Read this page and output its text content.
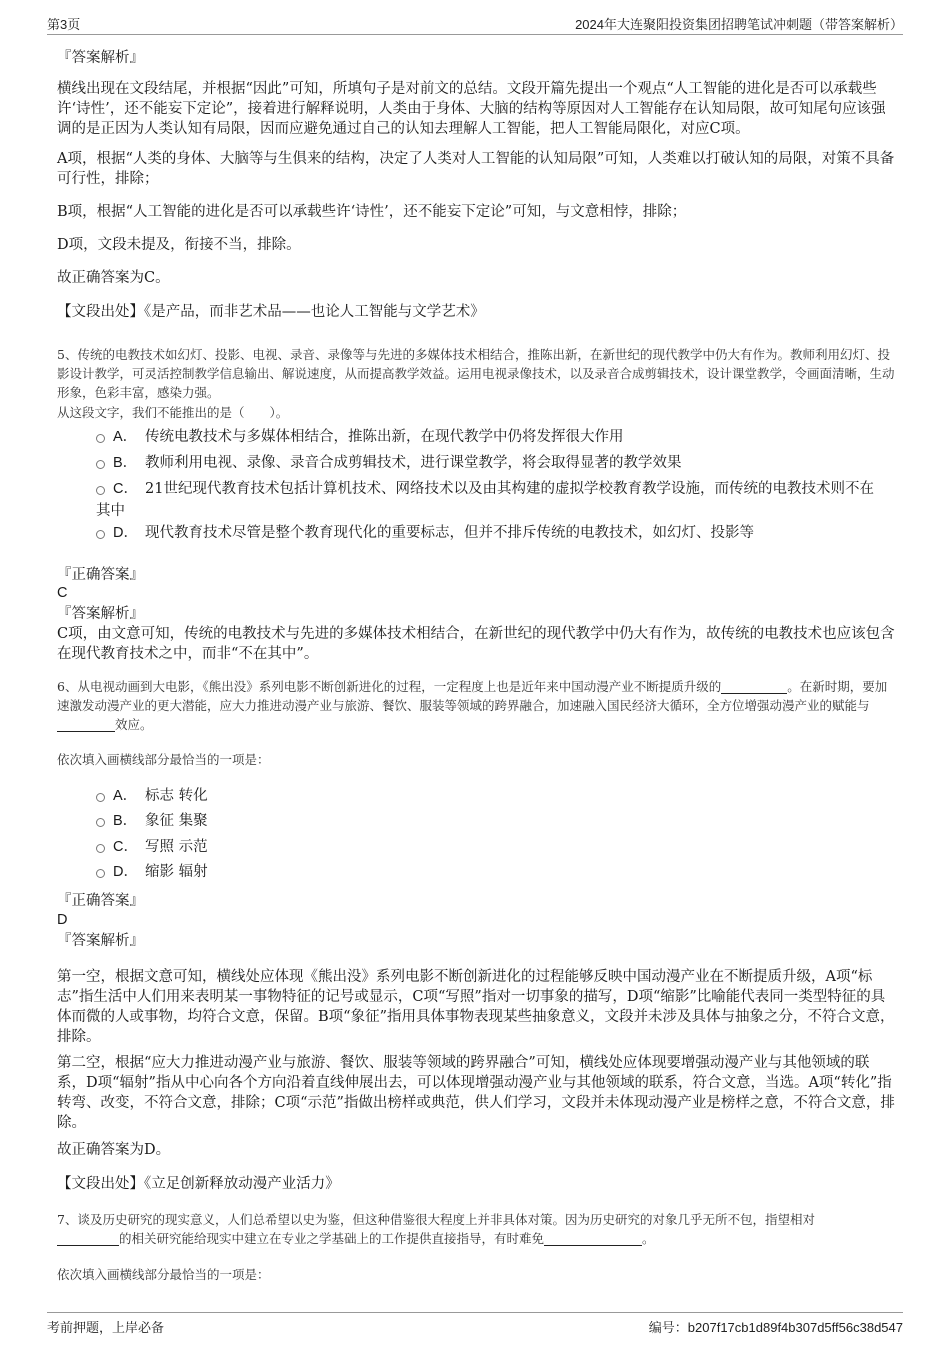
第3页	2024年大连聚阳投资集团招聘笔试冲刺题（带答案解析）
『答案解析』
横线出现在文段结尾，并根据“因此”可知，所填句子是对前文的总结。文段开篇先提出一个观点“人工智能的进化是否可以承载些许‘诗性’，还不能妄下定论”，接着进行解释说明，人类由于身体、大脑的结构等原因对人工智能存在认知局限，故可知尾句应该强调的是正因为人类认知有局限，因而应避免通过自己的认知去理解人工智能，把人工智能局限化，对应C项。
A项，根据“人类的身体、大脑等与生俱来的结构，决定了人类对人工智能的认知局限”可知，人类难以打破认知的局限，对策不具备可行性，排除；
B项，根据“人工智能的进化是否可以承载些许‘诗性’，还不能妄下定论”可知，与文意相悖，排除；
D项，文段未提及，衔接不当，排除。
故正确答案为C。
【文段出处】《是产品，而非艺术品——也论人工智能与文学艺术》
5、传统的电教技术如幻灯、投影、电视、录音、录像等与先进的多媒体技术相结合，推陈出新，在新世纪的现代教学中仍大有作为。教师利用幻灯、投影设计教学，可灵活控制教学信息输出、解说速度，从而提高教学效益。运用电视录像技术，以及录音合成剪辑技术，设计课堂教学，令画面清晰，生动形象，色彩丰富，感染力强。
从这段文字，我们不能推出的是（　　）。
A． 传统电教技术与多媒体相结合，推陈出新，在现代教学中仍将发挥很大作用
B． 教师利用电视、录像、录音合成剪辑技术，进行课堂教学，将会取得显著的教学效果
C． 21世纪现代教育技术包括计算机技术、网络技术以及由其构建的虚拟学校教育教学设施，而传统的电教技术则不在其中
D． 现代教育技术尽管是整个教育现代化的重要标志，但并不排斥传统的电教技术，如幻灯、投影等
『正确答案』
C
『答案解析』
C项，由文意可知，传统的电教技术与先进的多媒体技术相结合，在新世纪的现代教学中仍大有作为，故传统的电教技术也应该包含在现代教育技术之中，而非“不在其中”。
6、从电视动画到大电影，《熊出没》系列电影不断创新进化的过程，一定程度上也是近年来中国动漫产业不断提质升级的	。在新时期，要加速激发动漫产业的更大潜能，应大力推进动漫产业与旅游、餐饮、服装等领域的跨界融合，加速融入国民经济大循环，全方位增强动漫产业的赋能与效应。
依次填入画横线部分最恰当的一项是：
A． 标志 转化
B． 象征 集聚
C． 写照 示范
D． 缩影 辐射
『正确答案』
D
『答案解析』
第一空，根据文意可知，横线处应体现《熊出没》系列电影不断创新进化的过程能够反映中国动漫产业在不断提质升级，A项“标志”指生活中人们用来表明某一事物特征的记号或显示，C项“写照”指对一切事象的描写，D项“缩影”比喻能代表同一类型特征的具体而微的人或事物，均符合文意，保留。B项“象征”指用具体事物表现某些抽象意义，文段并未涉及具体与抽象之分，不符合文意，排除。
第二空，根据“应大力推进动漫产业与旅游、餐饮、服装等领域的跨界融合”可知，横线处应体现要增强动漫产业与其他领域的联系，D项“辐射”指从中心向各个方向沿着直线伸展出去，可以体现增强动漫产业与其他领域的联系，符合文意，当选。A项“转化”指转弯、改变，不符合文意，排除；C项“示范”指做出榜样或典范，供人们学习，文段并未体现动漫产业是榜样之意，不符合文意，排除。
故正确答案为D。
【文段出处】《立足创新释放动漫产业活力》
7、谈及历史研究的现实意义，人们总希望以史为鉴，但这种借鉴很大程度上并非具体对策。因为历史研究的对象几乎无所不包，指望相对
的相关研究能给现实中建立在专业之学基础上的工作提供直接指导，有时难免	。
依次填入画横线部分最恰当的一项是：
考前押题，上岸必备	编号：b207f17cb1d89f4b307d5ff56c38d547
